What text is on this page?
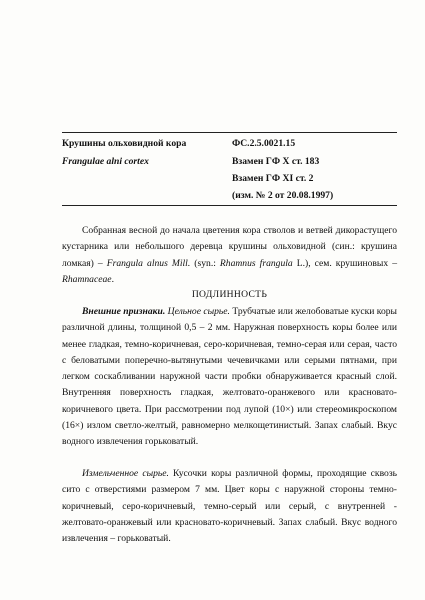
Крушины ольховидной кора
Frangulae alni cortex
ФС.2.5.0021.15
Взамен ГФ X ст. 183
Взамен ГФ XI ст. 2
(изм. № 2 от 20.08.1997)
Собранная весной до начала цветения кора стволов и ветвей дикорастущего кустарника или небольшого деревца крушины ольховидной (син.: крушина ломкая) – Frangula alnus Mill. (syn.: Rhamnus frangula L.), сем. крушиновых – Rhamnaceae.
ПОДЛИННОСТЬ
Внешние признаки. Цельное сырье. Трубчатые или желобоватые куски коры различной длины, толщиной 0,5 – 2 мм. Наружная поверхность коры более или менее гладкая, темно-коричневая, серо-коричневая, темно-серая или серая, часто с беловатыми поперечно-вытянутыми чечевичками или серыми пятнами, при легком соскабливании наружной части пробки обнаруживается красный слой. Внутренняя поверхность гладкая, желтовато-оранжевого или красновато-коричневого цвета. При рассмотрении под лупой (10×) или стереомикроскопом (16×) излом светло-желтый, равномерно мелкощетинистый. Запах слабый. Вкус водного извлечения горьковатый.
Измельченное сырье. Кусочки коры различной формы, проходящие сквозь сито с отверстиями размером 7 мм. Цвет коры с наружной стороны темно-коричневый, серо-коричневый, темно-серый или серый, с внутренней - желтовато-оранжевый или красновато-коричневый. Запах слабый. Вкус водного извлечения – горьковатый.
